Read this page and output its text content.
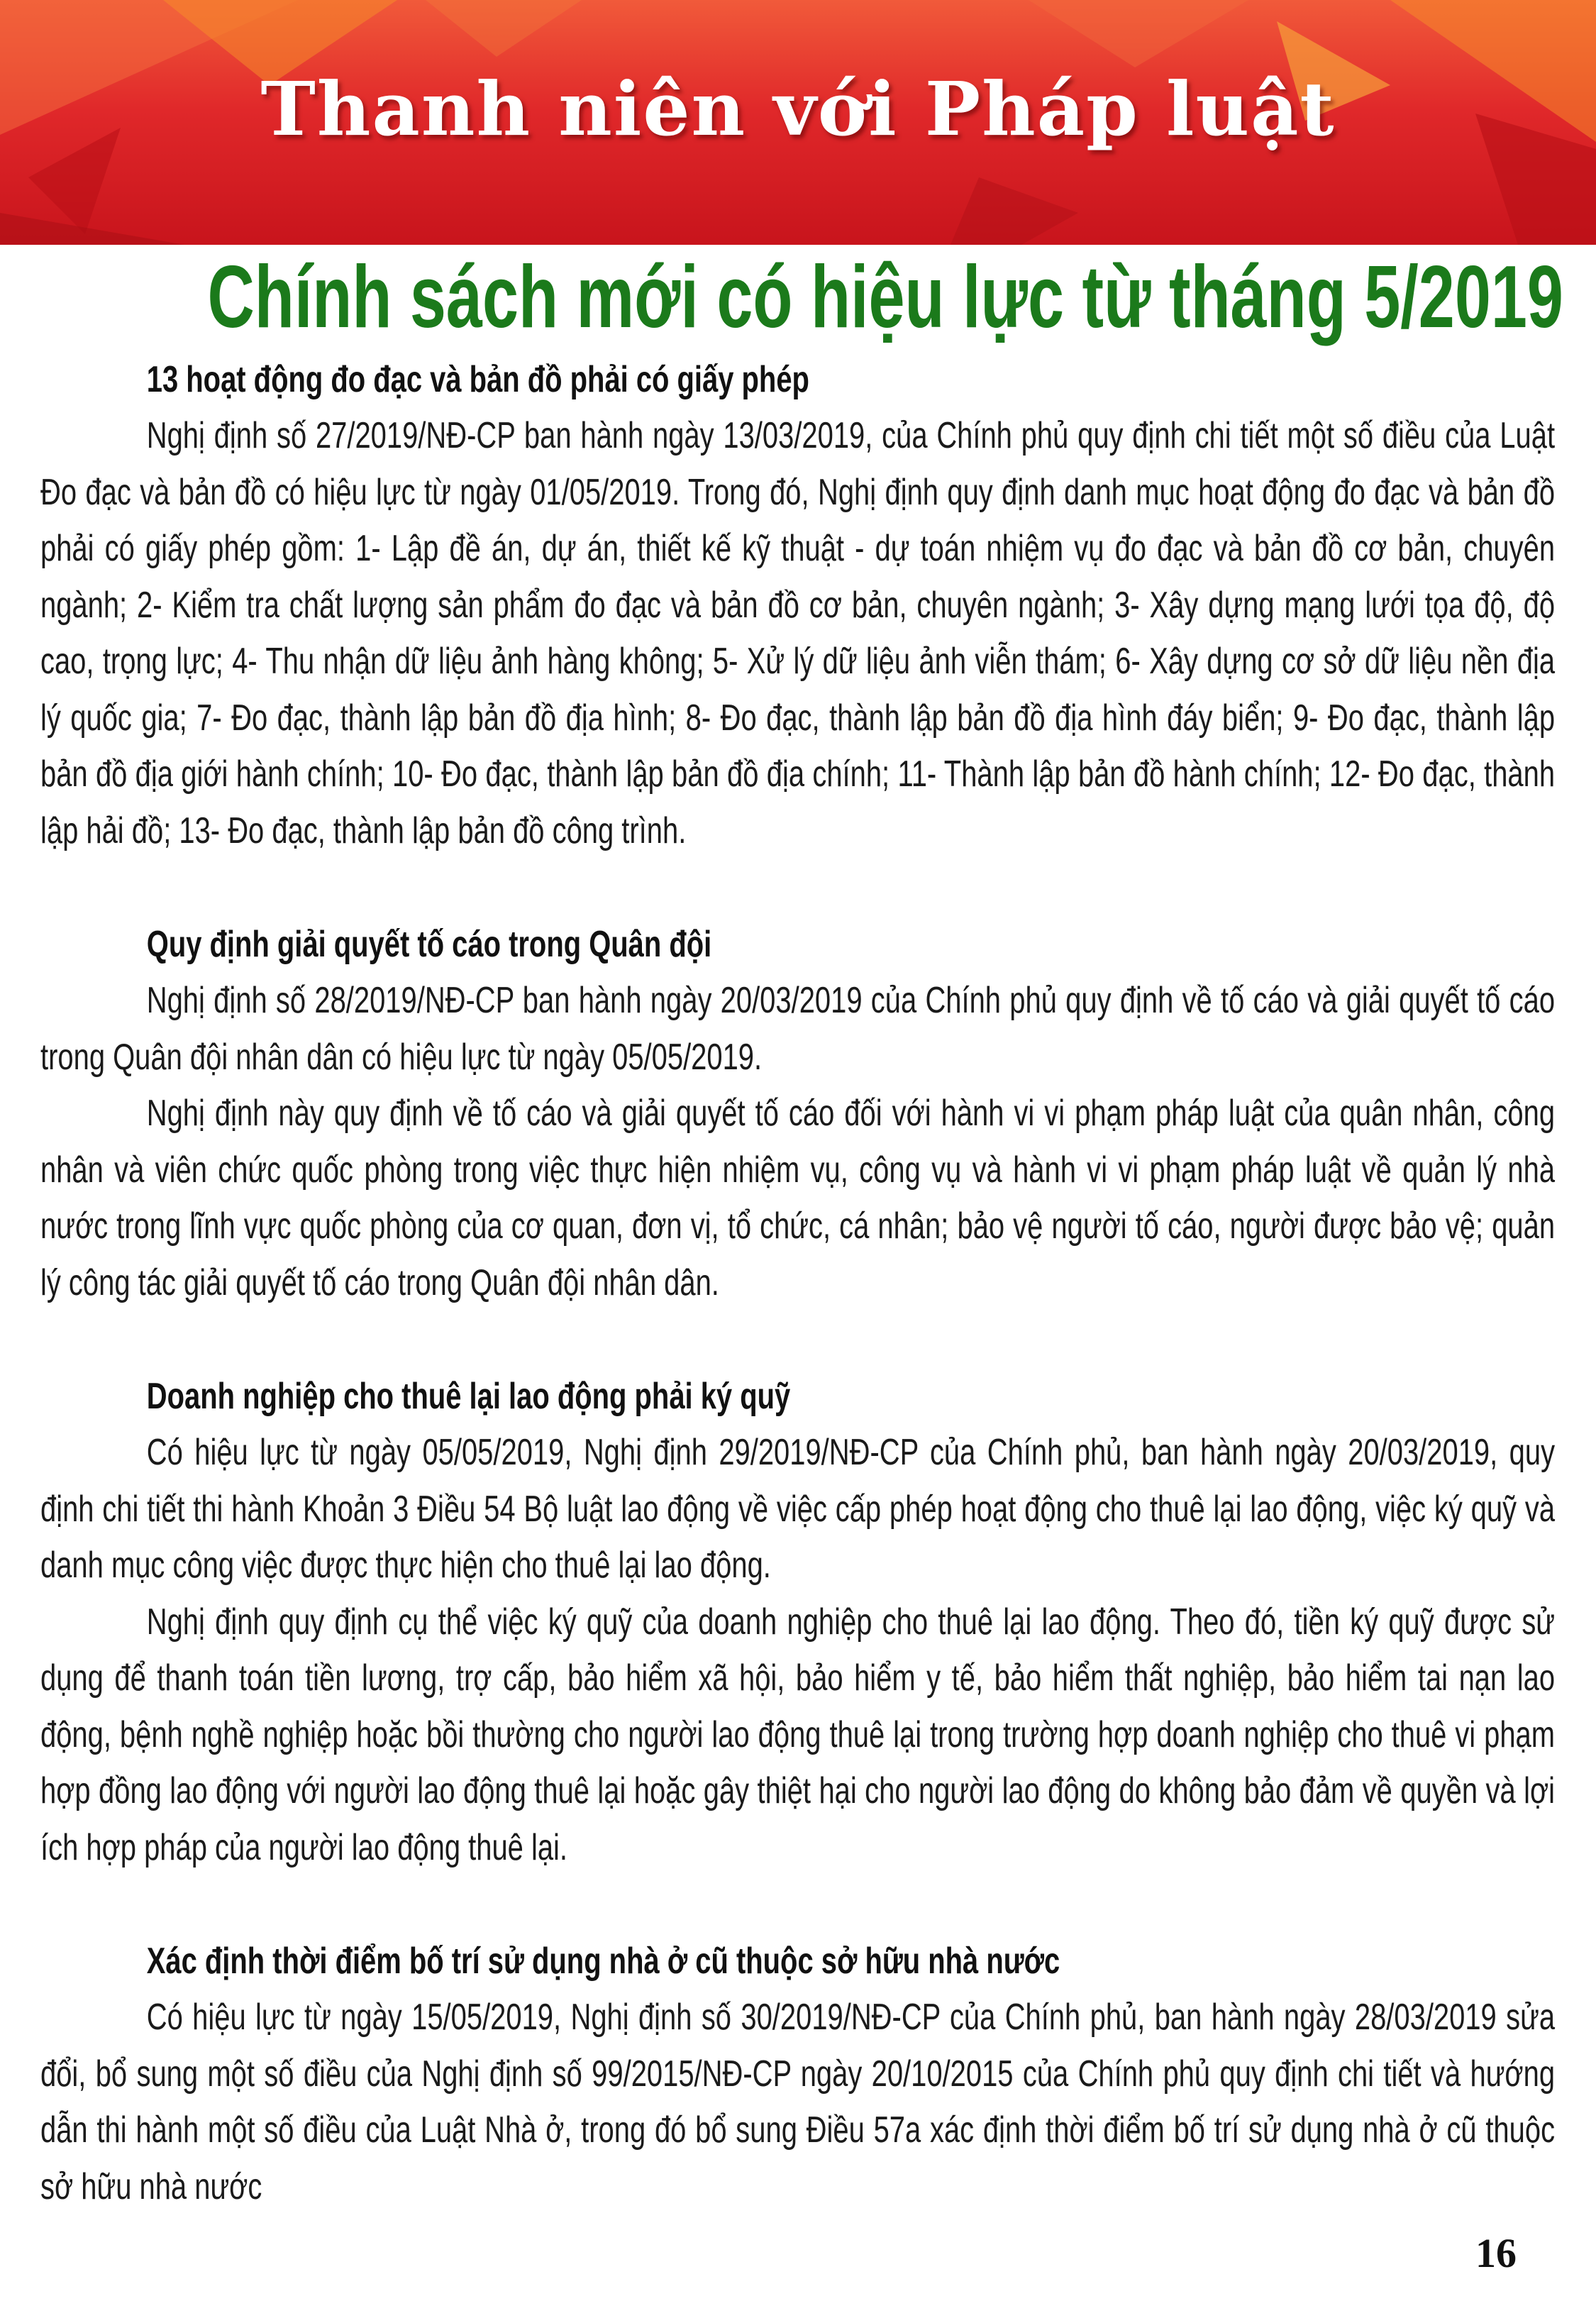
Thanh niên với Pháp luật
Chính sách mới có hiệu lực từ tháng 5/2019
13 hoạt động đo đạc và bản đồ phải có giấy phép

Nghị định số 27/2019/NĐ-CP ban hành ngày 13/03/2019, của Chính phủ quy định chi tiết một số điều của Luật Đo đạc và bản đồ có hiệu lực từ ngày 01/05/2019. Trong đó, Nghị định quy định danh mục hoạt động đo đạc và bản đồ phải có giấy phép gồm: 1- Lập đề án, dự án, thiết kế kỹ thuật - dự toán nhiệm vụ đo đạc và bản đồ cơ bản, chuyên ngành; 2- Kiểm tra chất lượng sản phẩm đo đạc và bản đồ cơ bản, chuyên ngành; 3- Xây dựng mạng lưới tọa độ, độ cao, trọng lực; 4- Thu nhận dữ liệu ảnh hàng không; 5- Xử lý dữ liệu ảnh viễn thám; 6- Xây dựng cơ sở dữ liệu nền địa lý quốc gia; 7- Đo đạc, thành lập bản đồ địa hình; 8- Đo đạc, thành lập bản đồ địa hình đáy biển; 9- Đo đạc, thành lập bản đồ địa giới hành chính; 10- Đo đạc, thành lập bản đồ địa chính; 11- Thành lập bản đồ hành chính; 12- Đo đạc, thành lập hải đồ; 13- Đo đạc, thành lập bản đồ công trình.

Quy định giải quyết tố cáo trong Quân đội

Nghị định số 28/2019/NĐ-CP ban hành ngày 20/03/2019 của Chính phủ quy định về tố cáo và giải quyết tố cáo trong Quân đội nhân dân có hiệu lực từ ngày 05/05/2019.

Nghị định này quy định về tố cáo và giải quyết tố cáo đối với hành vi vi phạm pháp luật của quân nhân, công nhân và viên chức quốc phòng trong việc thực hiện nhiệm vụ, công vụ và hành vi vi phạm pháp luật về quản lý nhà nước trong lĩnh vực quốc phòng của cơ quan, đơn vị, tổ chức, cá nhân; bảo vệ người tố cáo, người được bảo vệ; quản lý công tác giải quyết tố cáo trong Quân đội nhân dân.

Doanh nghiệp cho thuê lại lao động phải ký quỹ

Có hiệu lực từ ngày 05/05/2019, Nghị định 29/2019/NĐ-CP của Chính phủ, ban hành ngày 20/03/2019, quy định chi tiết thi hành Khoản 3 Điều 54 Bộ luật lao động về việc cấp phép hoạt động cho thuê lại lao động, việc ký quỹ và danh mục công việc được thực hiện cho thuê lại lao động.

Nghị định quy định cụ thể việc ký quỹ của doanh nghiệp cho thuê lại lao động. Theo đó, tiền ký quỹ được sử dụng để thanh toán tiền lương, trợ cấp, bảo hiểm xã hội, bảo hiểm y tế, bảo hiểm thất nghiệp, bảo hiểm tai nạn lao động, bệnh nghề nghiệp hoặc bồi thường cho người lao động thuê lại trong trường hợp doanh nghiệp cho thuê vi phạm hợp đồng lao động với người lao động thuê lại hoặc gây thiệt hại cho người lao động do không bảo đảm về quyền và lợi ích hợp pháp của người lao động thuê lại.

Xác định thời điểm bố trí sử dụng nhà ở cũ thuộc sở hữu nhà nước

Có hiệu lực từ ngày 15/05/2019, Nghị định số 30/2019/NĐ-CP của Chính phủ, ban hành ngày 28/03/2019 sửa đổi, bổ sung một số điều của Nghị định số 99/2015/NĐ-CP ngày 20/10/2015 của Chính phủ quy định chi tiết và hướng dẫn thi hành một số điều của Luật Nhà ở, trong đó bổ sung Điều 57a xác định thời điểm bố trí sử dụng nhà ở cũ thuộc sở hữu nhà nước

16
